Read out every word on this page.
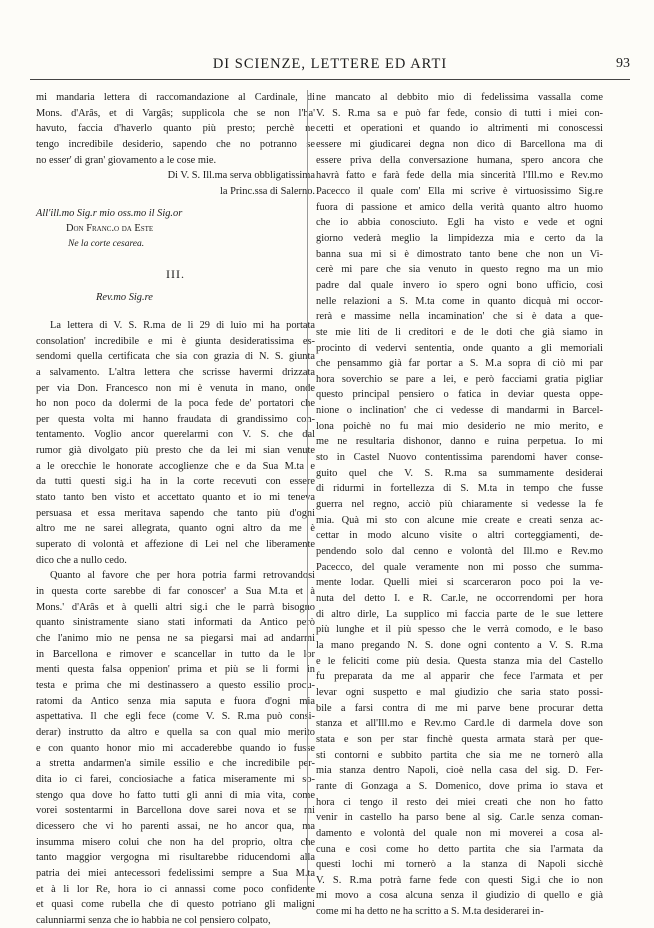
DI SCIENZE, LETTERE ED ARTI	93
mi mandaria lettera di raccomandazione al Cardinale, di
Mons. d'Arâs, et di Vargâs; supplicola che se non l'ha'
havuto, faccia d'haverlo quanto più presto; perchè ne
tengo incredibile desiderio, sapendo che no potranno se
no esser' di gran' giovamento a le cose mie.
Di V. S. Ill.ma serva obbligatissima
la Princ.ssa di Salerno.
All'ill.mo Sig.r mio oss.mo il Sig.or
Don Franc.o da Este
Ne la corte cesarea.
III.
Rev.mo Sig.re
La lettera di V. S. R.ma de li 29 di luio mi ha portata
consolation' incredibile e mi è giunta desideratissima es-
sendomi quella certificata che sia con grazia di N. S. giunta
a salvamento. L'altra lettera che scrisse havermi drizzata
per via Don. Francesco non mi è venuta in mano, onde
ho non poco da dolermi de la poca fede de' portatori che
per questa volta mi hanno fraudata di grandissimo con-
tentamento. Voglio ancor querelarmi con V. S. che dal
rumor già divolgato più presto che da lei mi sian venute
a le orecchie le honorate accoglienze che e da Sua M.ta e
da tutti questi sig.i ha in la corte recevuti con essere
stato tanto ben visto et accettato quanto et io mi teneva
persuasa et essa meritava sapendo che tanto più d'ogni
altro me ne sarei allegrata, quanto ogni altro da me è
superato di volontà et affezione di Lei nel che liberamente
dico che a nullo cedo.
Quanto al favore che per hora potria farmi retrovandosi
in questa corte sarebbe di far conoscer' a Sua M.ta et à
Mons.' d'Arâs et à quelli altri sig.i che le parrà bisogno
quanto sinistramente siano stati informati da Antico però
che l'animo mio ne pensa ne sa piegarsi mai ad andarmi
in Barcellona e rimover e scancellar in tutto da le lor
menti questa falsa oppenion' prima et più se li formi in
testa e prima che mi destinassero a questo essilio procu-
ratomi da Antico senza mia saputa e fuora d'ogni mia
aspettativa. Il che egli fece (come V. S. R.ma può consi-
derar) instrutto da altro e quella sa con qual mio merito
e con quanto honor mio mi accaderebbe quando io fusse
a stretta andarmen'a simile essilio e che incredibile per-
dita io ci farei, conciosiache a fatica miseramente mi so-
stengo qua dove ho fatto tutti gli anni di mia vita, come
vorei sostentarmi in Barcellona dove sarei nova et se mi
dicessero che vi ho parenti assai, ne ho ancor qua, ma
insumma misero colui che non ha del proprio, oltra che
tanto maggior vergogna mi risultarebbe riducendomi alla
patria dei miei antecessori fedelissimi sempre a Sua M.ta
et à li lor Re, hora io ci annassi come poco confidente
et quasi come rubella che di questo potriano gli maligni
calunniarmi senza che io habbia ne col pensiero colpato,
ne mancato al debbito mio di fedelissima vassalla come
V. S. R.ma sa e può far fede, consio di tutti i miei con-
cetti et operationi et quando io altrimenti mi conoscessi
essere mi giudicarei degna non dico di Barcellona ma di
essere priva della conversazione humana, spero ancora che
havrà fatto e farà fede della mia sincerità l'Ill.mo e Rev.mo
Pacecco il quale com' Ella mi scrive è virtuosissimo Sig.re
fuora di passione et amico della verità quanto altro huomo
che io abbia conosciuto. Egli ha visto e vede et ogni
giorno vederà meglio la limpidezza mia e certo da la
banna sua mi si è dimostrato tanto bene che non un Vi-
cerè mi pare che sia venuto in questo regno ma un mio
padre dal quale invero io spero ogni bono ufficio, così
nelle relazioni a S. M.ta come in quanto dicquà mi occor-
rerà e massime nella incamination' che si è data a que-
ste mie liti de li creditori e de le doti che già siamo in
procinto di vedervi sententia, onde quanto a gli memoriali
che pensammo già far portar a S. M.a sopra di ciò mi par
hora soverchio se pare a lei, e però facciami gratia pigliar
questo principal pensiero o fatica in deviar questa oppe-
nione o inclination' che ci vedesse di mandarmi in Barcel-
lona poichè no fu mai mio desiderio ne mio merito, e
me ne resultaria dishonor, danno e ruina perpetua. Io mi
sto in Castel Nuovo contentissima parendomi haver conse-
guito quel che V. S. R.ma sa summamente desiderai
di ridurmi in fortellezza di S. M.ta in tempo che fusse
guerra nel regno, acciò più chiaramente si vedesse la fe
mia. Quà mi sto con alcune mie create e creati senza ac-
cettar in modo alcuno visite o altri corteggiamenti, de-
pendendo solo dal cenno e volontà del Ill.mo e Rev.mo
Pacecco, del quale veramente non mi posso che summa-
mente lodar. Quelli miei si scarceraron poco poi la ve-
nuta del detto I. e R. Car.le, ne occorrendomi per hora
di altro dirle, La supplico mi faccia parte de le sue lettere
più lunghe et il più spesso che le verrà comodo, e le baso
la mano pregando N. S. done ogni contento a V. S. R.ma
e le feliciti come più desia. Questa stanza mia del Castello
fu preparata da me al apparir che fece l'armata et per
levar ogni suspetto e mal giudizio che saria stato possi-
bile a farsi contra di me mi parve bene procurar detta
stanza et all'Ill.mo e Rev.mo Card.le di darmela dove son
stata e son per star finchè questa armata starà per que-
sti contorni e subbito partita che sia me ne tornerò alla
mia stanza dentro Napoli, cioè nella casa del sig. D. Fer-
rante di Gonzaga a S. Domenico, dove prima io stava et
hora ci tengo il resto dei miei creati che non ho fatto
venir in castello ha parso bene al sig. Car.le senza coman-
damento e volontà del quale non mi moverei a cosa al-
cuna e così come ho detto partita che sia l'armata da
questi lochi mi tornerò a la stanza di Napoli sicchè
V. S. R.ma potrà farne fede con questi Sig.i che io non
mi movo a cosa alcuna senza il giudizio di quello e già
come mi ha detto ne ha scritto a S. M.ta desiderarei in-
